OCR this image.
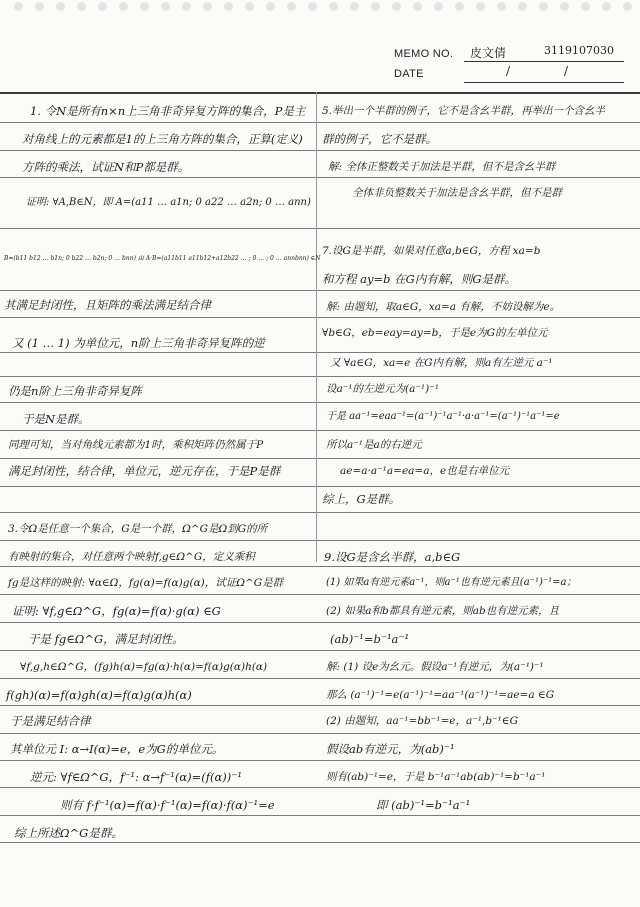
MEMO NO. 皮文倩	3119107030
DATE	/	/
1. 令N是所有n×n上三角非奇异复方阵的集合，P是主
对角线上的元素都是1的上三角方阵的集合，正算(定义)
方阵的乘法，试证N和P都是群。
证明: ∀A,B∈N，即 A=(a11 … a1n; 0 a22 … a2n; 0 … ann)
B=(b11 b12 … b1n; 0 b22 … b2n; 0 … bnn) 由 A·B=(a11b11 a11b12+a12b22 … ; 0 … ; 0 … annbnn) ∈N
其满足封闭性，且矩阵的乘法满足结合律
又 (1 … 1) 为单位元，n阶上三角非奇异复阵的逆
仍是n阶上三角非奇异复阵
于是N是群。
同理可知，当对角线元素都为1时，乘积矩阵仍然属于P
满足封闭性，结合律，单位元，逆元存在，于是P是群
3.令Ω是任意一个集合，G是一个群，Ω^G是Ω到G的所
有映射的集合，对任意两个映射f,g∈Ω^G，定义乘积
fg是这样的映射: ∀α∈Ω，fg(α)=f(α)g(α)，试证Ω^G是群
证明: ∀f,g∈Ω^G，fg(α)=f(α)·g(α) ∈G
于是 fg∈Ω^G，满足封闭性。
∀f,g,h∈Ω^G，(fg)h(α)=fg(α)·h(α)=f(α)g(α)h(α)
f(gh)(α)=f(α)gh(α)=f(α)g(α)h(α)
于是满足结合律
其单位元 I: α→I(α)=e，e为G的单位元。
逆元: ∀f∈Ω^G，f⁻¹: α→f⁻¹(α)=(f(α))⁻¹
则有 f·f⁻¹(α)=f(α)·f⁻¹(α)=f(α)·f(α)⁻¹=e
综上所述Ω^G是群。
5.举出一个半群的例子，它不是含幺半群，再举出一个含幺半
群的例子，它不是群。
解: 全体正整数关于加法是半群，但不是含幺半群
全体非负整数关于加法是含幺半群，但不是群
7.设G是半群，如果对任意a,b∈G，方程 xa=b
和方程 ay=b 在G内有解，则G是群。
解: 由题知，取a∈G，xa=a 有解，不妨设解为e。
∀b∈G，eb=eay=ay=b，于是e为G的左单位元
又 ∀a∈G，xa=e 在G内有解，则a有左逆元 a⁻¹
设a⁻¹的左逆元为(a⁻¹)⁻¹
于是 aa⁻¹=eaa⁻¹=(a⁻¹)⁻¹a⁻¹·a·a⁻¹=(a⁻¹)⁻¹a⁻¹=e
所以a⁻¹是a的右逆元
ae=a·a⁻¹a=ea=a，e也是右单位元
综上，G是群。
9.设G是含幺半群，a,b∈G
(1) 如果a有逆元素a⁻¹，则a⁻¹也有逆元素且(a⁻¹)⁻¹=a；
(2) 如果a和b都具有逆元素，则ab也有逆元素，且
(ab)⁻¹=b⁻¹a⁻¹
解: (1) 设e为幺元。假设a⁻¹有逆元，为(a⁻¹)⁻¹
那么 (a⁻¹)⁻¹=e(a⁻¹)⁻¹=aa⁻¹(a⁻¹)⁻¹=ae=a ∈G
(2) 由题知，aa⁻¹=bb⁻¹=e，a⁻¹,b⁻¹∈G
假设ab有逆元，为(ab)⁻¹
则有(ab)⁻¹=e，于是 b⁻¹a⁻¹ab(ab)⁻¹=b⁻¹a⁻¹
即 (ab)⁻¹=b⁻¹a⁻¹
